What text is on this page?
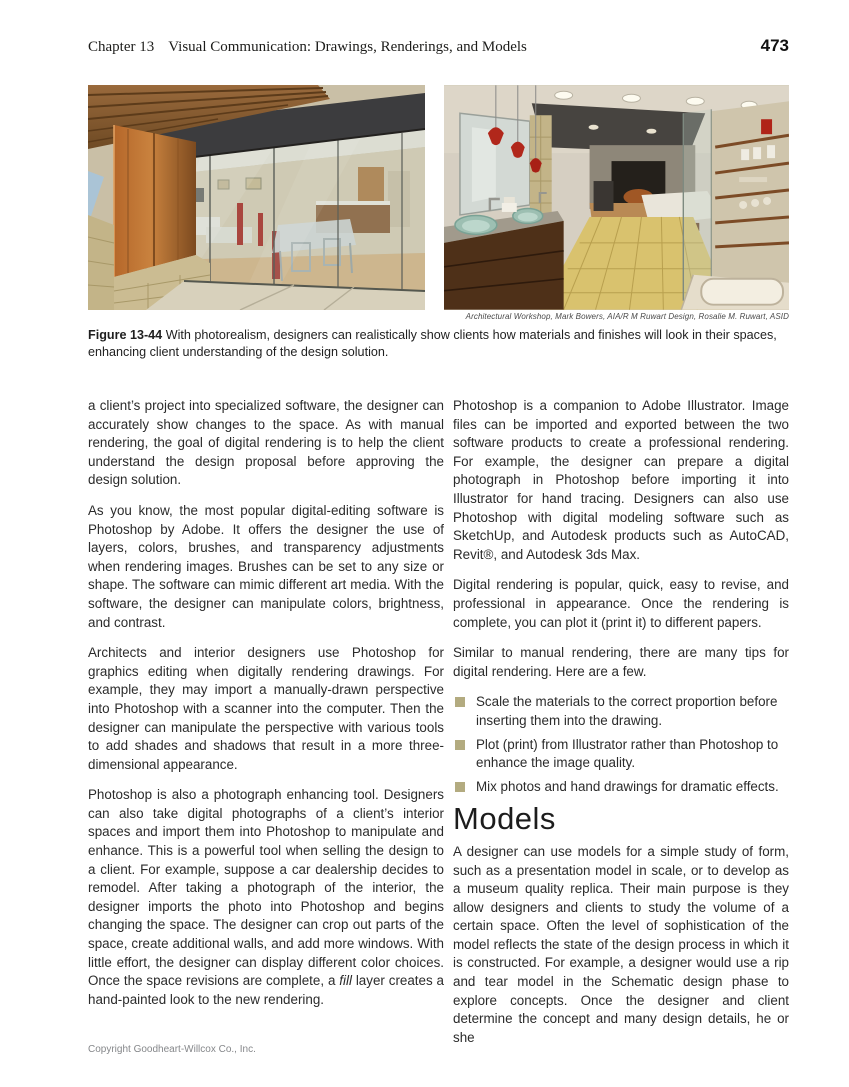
Chapter 13 Visual Communication: Drawings, Renderings, and Models	473
Architectural Workshop, Mark Bowers, AIA/R M Ruwart Design, Rosalie M. Ruwart, ASID

Figure 13-44 With photorealism, designers can realistically show clients how materials and finishes will look in their spaces, enhancing client understanding of the design solution.

a client’s project into specialized software, the designer can accurately show changes to the space. As with manual rendering, the goal of digital rendering is to help the client understand the design proposal before approving the design solution.

As you know, the most popular digital-editing software is Photoshop by Adobe. It offers the designer the use of layers, colors, brushes, and transparency adjustments when rendering images. Brushes can be set to any size or shape. The software can mimic different art media. With the software, the designer can manipulate colors, brightness, and contrast.

Architects and interior designers use Photoshop for graphics editing when digitally rendering drawings. For example, they may import a manually-drawn perspective into Photoshop with a scanner into the computer. Then the designer can manipulate the perspective with various tools to add shades and shadows that result in a more three-dimensional appearance.

Photoshop is also a photograph enhancing tool. Designers can also take digital photographs of a client’s interior spaces and import them into Photoshop to manipulate and enhance. This is a powerful tool when selling the design to a client. For example, suppose a car dealership decides to remodel. After taking a photograph of the interior, the designer imports the photo into Photoshop and begins changing the space. The designer can crop out parts of the space, create additional walls, and add more windows. With little effort, the designer can display different color choices. Once the space revisions are complete, a fill layer creates a hand-painted look to the new rendering.

Photoshop is a companion to Adobe Illustrator. Image files can be imported and exported between the two software products to create a professional rendering. For example, the designer can prepare a digital photograph in Photoshop before importing it into Illustrator for hand tracing. Designers can also use Photoshop with digital modeling software such as SketchUp, and Autodesk products such as AutoCAD, Revit®, and Autodesk 3ds Max.

Digital rendering is popular, quick, easy to revise, and professional in appearance. Once the rendering is complete, you can plot it (print it) to different papers.

Similar to manual rendering, there are many tips for digital rendering. Here are a few.

Scale the materials to the correct proportion before inserting them into the drawing.
Plot (print) from Illustrator rather than Photoshop to enhance the image quality.
Mix photos and hand drawings for dramatic effects.
Models

A designer can use models for a simple study of form, such as a presentation model in scale, or to develop as a museum quality replica. Their main purpose is they allow designers and clients to study the volume of a certain space. Often the level of sophistication of the model reflects the state of the design process in which it is constructed. For example, a designer would use a rip and tear model in the Schematic design phase to explore concepts. Once the designer and client determine the concept and many design details, he or she

Copyright Goodheart-Willcox Co., Inc.
